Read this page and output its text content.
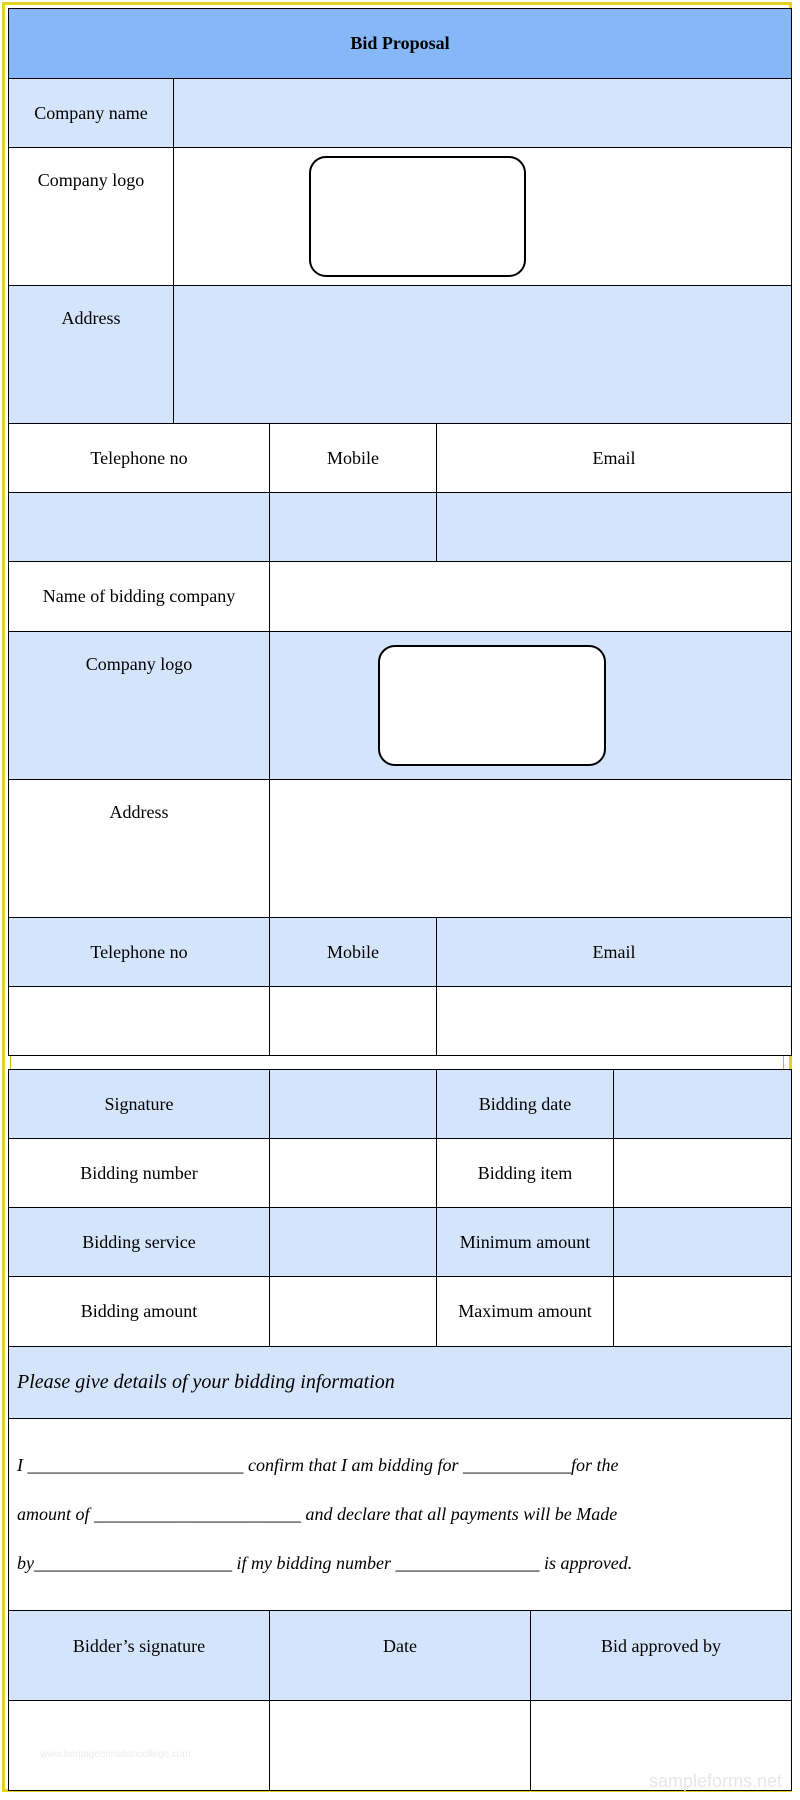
Bid Proposal			
Company name			
Company logo			

Address			
Telephone no		Mobile	Email

Name of bidding company			
Company logo			

Address			
Telephone no		Mobile	Email

Signature		Bidding date	
Bidding number		Bidding item	
Bidding service		Minimum amount	
Bidding amount		Maximum amount	
Please give details of your bidding information			

I ________________________ confirm that I am bidding for ____________for the
amount of _______________________ and declare that all payments will be Made
by______________________ if my bidding number ________________ is approved.			
Bidder’s signature	Date	Bid approved by

www.heritagechristiancollege.com
sampleforms.net
